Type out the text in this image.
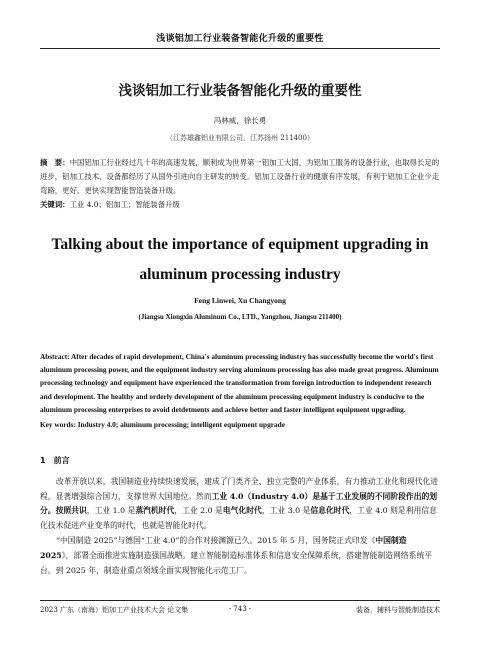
浅谈铝加工行业装备智能化升级的重要性
浅谈铝加工行业装备智能化升级的重要性
冯林威，徐长勇
（江苏雄鑫铝业有限公司，江苏扬州 211400）
摘　要：中国铝加工行业经过几十年的高速发展，顺利成为世界第一铝加工大国，为铝加工服务的设备行业，也取得长足的进步，铝加工技术、设备都经历了从国外引进向自主研发的转变。铝加工设备行业的健康有序发展，有利于铝加工企业少走弯路，更好、更快实现智能智造装备升级。
关键词：工业 4.0；铝加工；智能装备升级
Talking about the importance of equipment upgrading in aluminum processing industry
Feng Linwei, Xu Changyong
(Jiangsu Xiongxin Aluminum Co., LTD., Yangzhou, Jiangsu 211400)
Abstract: After decades of rapid development, China's aluminum processing industry has successfully become the world's first aluminum processing power, and the equipment industry serving aluminum processing has also made great progress. Aluminum processing technology and equipment have experienced the transformation from foreign introduction to independent research and development. The healthy and orderly development of the aluminum processing equipment industry is conducive to the aluminum processing enterprises to avoid detdetments and achieve better and faster intelligent equipment upgrading.
Key words: Industry 4.0; aluminum processing; intelligent equipment upgrade
1 前言

改革开放以来，我国制造业持续快速发展，建成了门类齐全、独立完整的产业体系，有力推动工业化和现代化进程，显著增强综合国力，支撑世界大国地位。然而工业 4.0（Industry 4.0）是基于工业发展的不同阶段作出的划分。按照共识，工业 1.0 是蒸汽机时代，工业 2.0 是电气化时代，工业 3.0 是信息化时代，工业 4.0 则是利用信息化技术促进产业变革的时代，也就是智能化时代。

“中国制造 2025”与德国“工业 4.0”的合作对接渊源已久。2015 年 5 月，国务院正式印发《中国制造 2025》，部署全面推进实施制造强国战略。建立智能制造标准体系和信息安全保障系统，搭建智能制造网络系统平台。到 2025 年，制造业重点领域全面实现智能化示范工厂。

2023 广东（南海）铝加工产业技术大会 论文集	- 743 -	装备、辅料与智能制造技术
